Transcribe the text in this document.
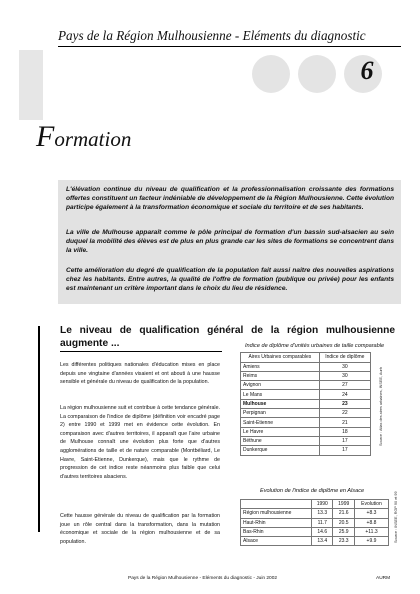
Pays de la Région Mulhousienne - Eléments du diagnostic
6
Formation
L'élévation continue du niveau de qualification et la professionnalisation croissante des formations offertes constituent un facteur indéniable de développement de la Région Mulhousienne. Cette évolution participe également à la transformation économique et sociale du territoire et de ses habitants.
La ville de Mulhouse apparaît comme le pôle principal de formation d'un bassin sud-alsacien au sein duquel la mobilité des élèves est de plus en plus grande car les sites de formations se concentrent dans la ville.
Cette amélioration du degré de qualification de la population fait aussi naître des nouvelles aspirations chez les habitants. Entre autres, la qualité de l'offre de formation (publique ou privée) pour les enfants est maintenant un critère important dans le choix du lieu de résidence.
Le niveau de qualification général de la région mulhousienne augmente ...
Les différentes politiques nationales d'éducation mises en place depuis une vingtaine d'années visaient et ont abouti à une hausse sensible et générale du niveau de qualification de la population.
La région mulhousienne suit et contribue à cette tendance générale. La comparaison de l'indice de diplôme (définition voir encadré page 2) entre 1990 et 1999 met en évidence cette évolution. En comparaison avec d'autres territoires, il apparaît que l'aire urbaine de Mulhouse connaît une évolution plus forte que d'autres agglomérations de taille et de nature comparable (Montbéliard, Le Havre, Saint-Etienne, Dunkerque), mais que le rythme de progression de cet indice reste néanmoins plus faible que celui d'autres territoires alsaciens.
Cette hausse générale du niveau de qualification par la formation joue un rôle central dans la transformation, dans la mutation économique et sociale de la région mulhousienne et de sa population.
Indice de diplôme d'unités urbaines de taille comparable
Aires Urbaines comparables	Indice de diplôme
Amiens	30
Reims	30
Avignon	27
Le Mans	24
Mulhouse	23
Perpignan	22
Saint-Etienne	21
Le Havre	18
Béthune	17
Dunkerque	17
Source : Atlas des aires urbaines, INSEE, Aurh
Evolution de l'indice de diplôme en Alsace
	1990	1999	Evolution
Région mulhousienne	13.3	21.6	+8.3
Haut-Rhin	11.7	20.5	+8.8
Bas-Rhin	14.6	25.9	+11.3
Alsace	13.4	23.3	+9.9	Source : INSEE, RGP 90 et 99
Pays de la Région Mulhousienne - Eléments du diagnostic - Juin 2002	AURM
